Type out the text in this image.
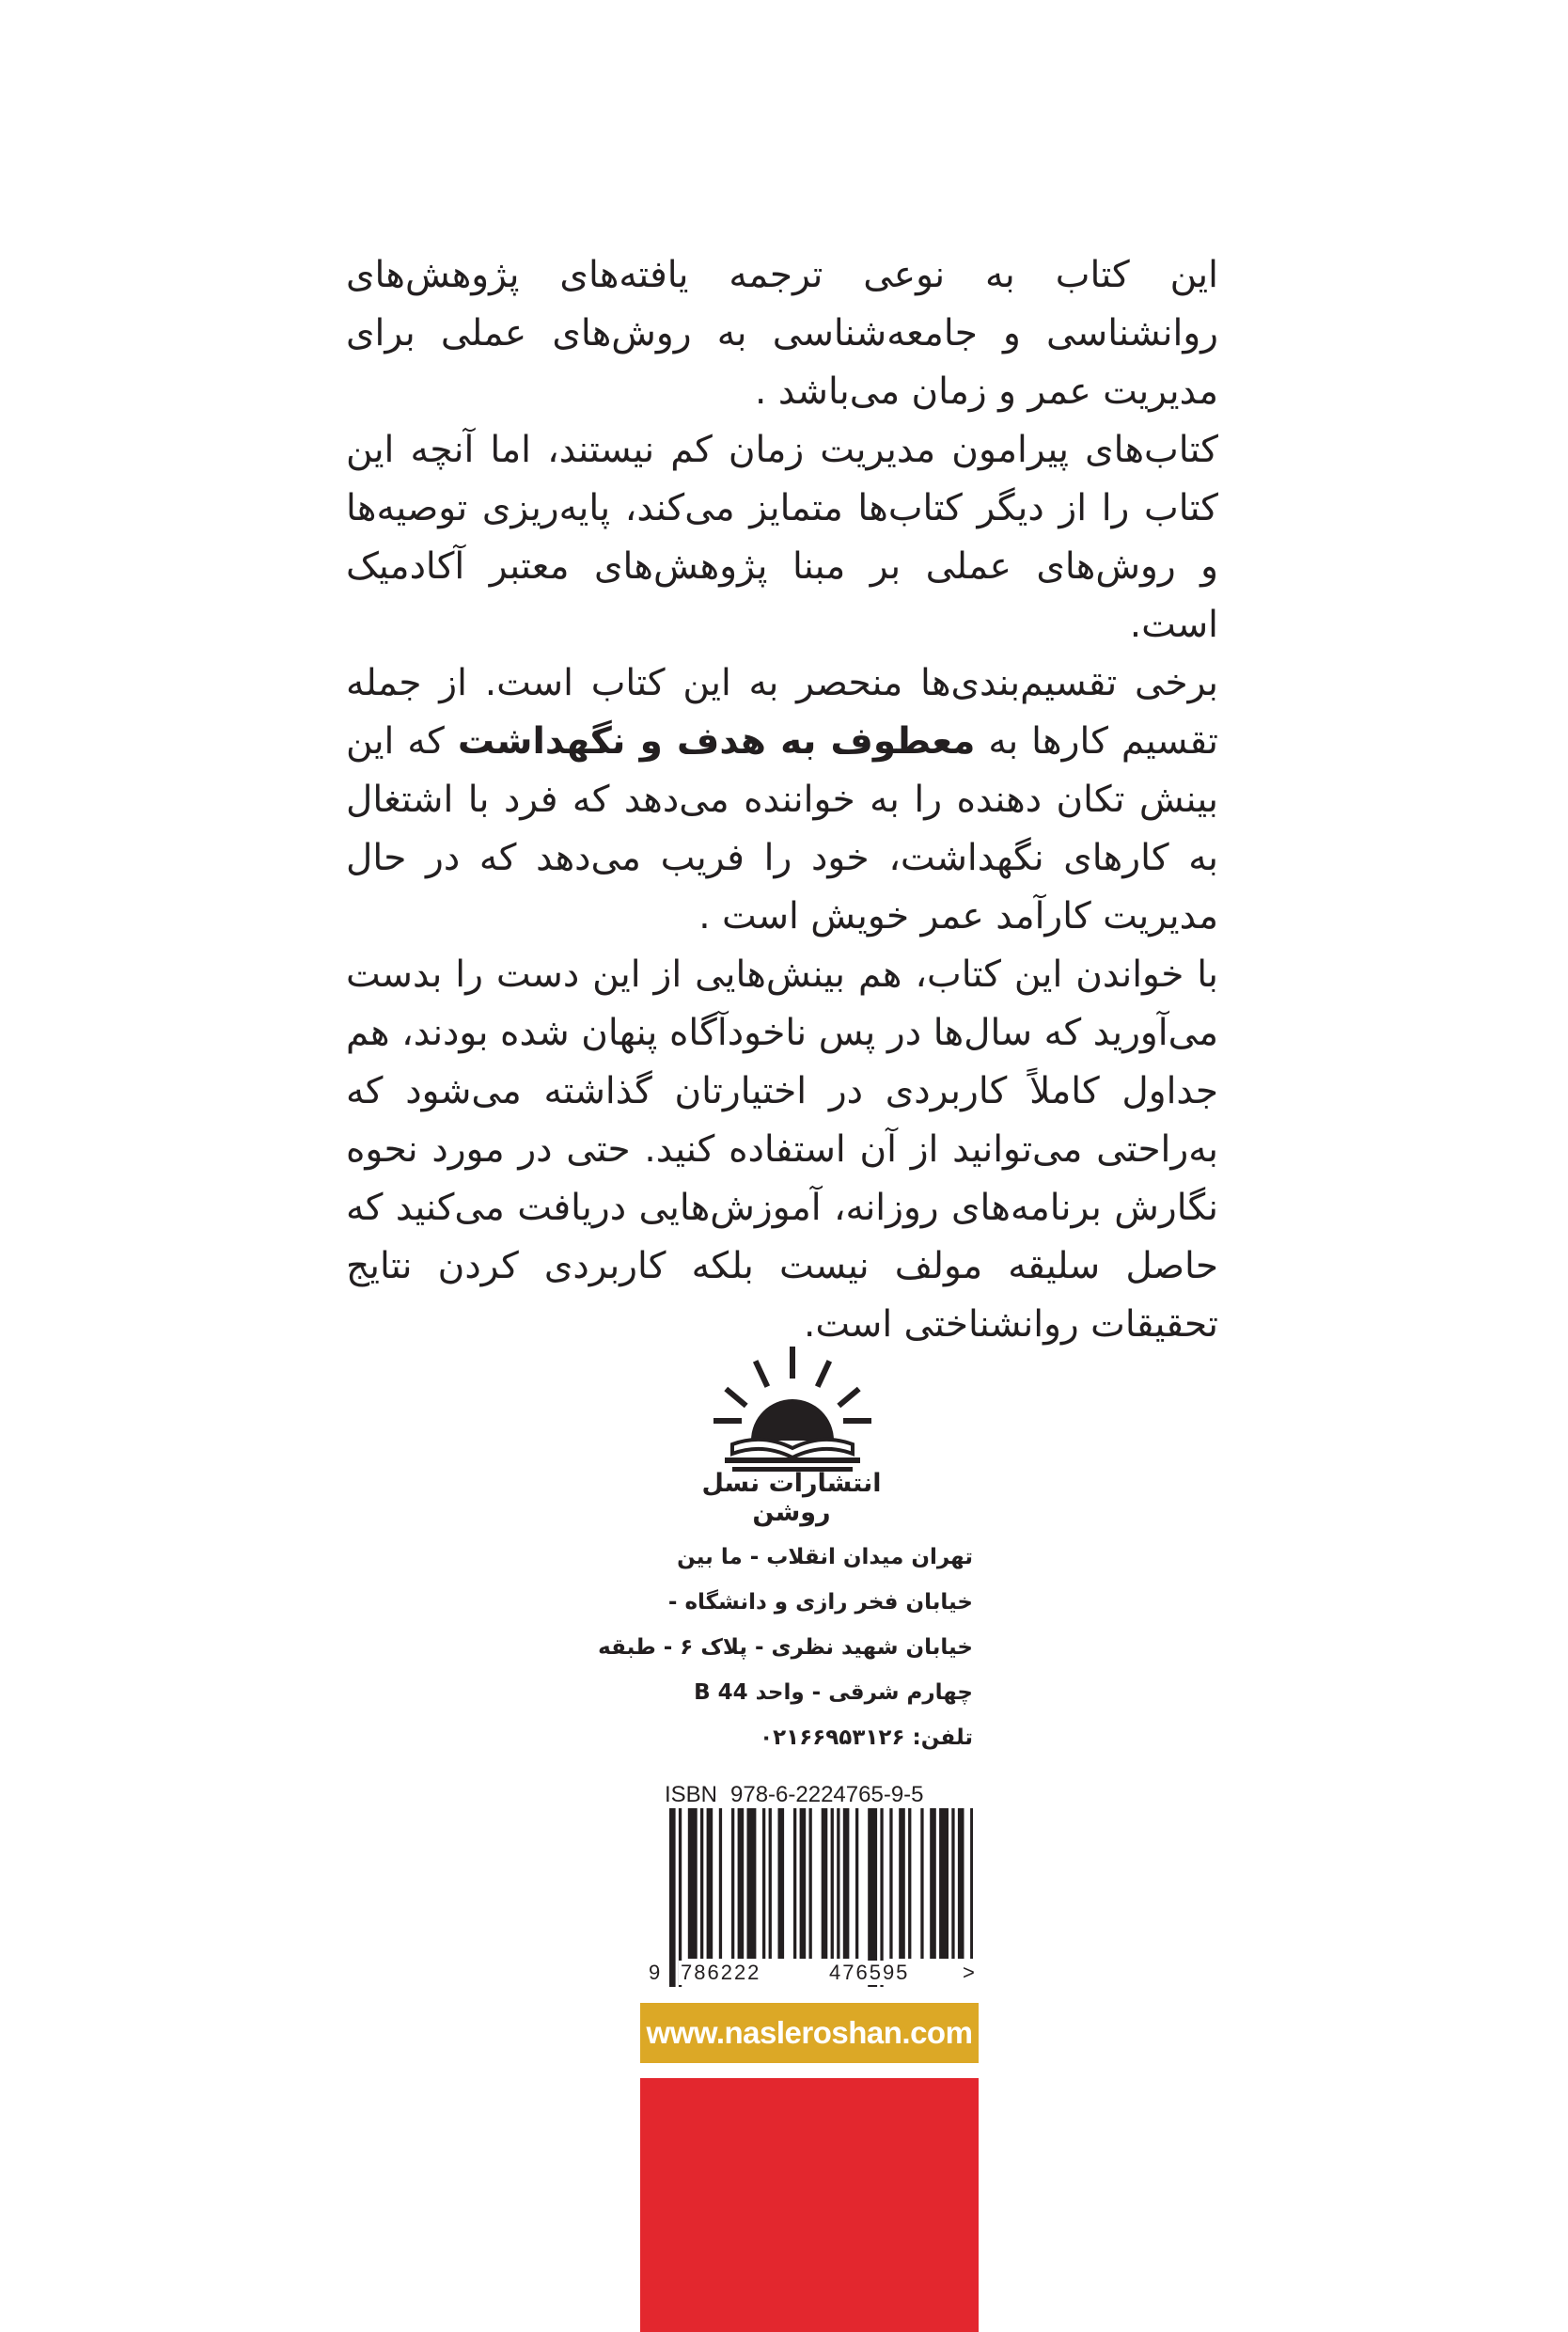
این کتاب به نوعی ترجمه یافته‌های پژوهش‌های روانشناسی و جامعه‌شناسی به روش‌های عملی برای مدیریت عمر و زمان می‌باشد .

کتاب‌های پیرامون مدیریت زمان کم نیستند، اما آنچه این کتاب را از دیگر کتاب‌ها متمایز می‌کند، پایه‌ریزی توصیه‌ها و روش‌های عملی بر مبنا پژوهش‌های معتبر آکادمیک است.

برخی تقسیم‌بندی‌ها منحصر به این کتاب است. از جمله تقسیم کارها به معطوف به هدف و نگهداشت که این بینش تکان دهنده را به خواننده می‌دهد که فرد با اشتغال به کارهای نگهداشت، خود را فریب می‌دهد که در حال مدیریت کارآمد عمر خویش است .

با خواندن این کتاب، هم بینش‌هایی از این دست را بدست می‌آورید که سال‌ها در پس ناخودآگاه پنهان شده بودند، هم جداول کاملاً کاربردی در اختیارتان گذاشته می‌شود که به‌راحتی می‌توانید از آن استفاده کنید. حتی در مورد نحوه نگارش برنامه‌های روزانه، آموزش‌هایی دریافت می‌کنید که حاصل سلیقه مولف نیست بلکه کاربردی کردن نتایج تحقیقات روانشناختی است.

انتشارات نسل روشن
تهران میدان انقلاب - ما بین
خیابان فخر رازی و دانشگاه -
خیابان شهید نظری - پلاک ۶ - طبقه
چهارم شرقی - واحد B 44
تلفن: ۰۲۱۶۶۹۵۳۱۲۶
ISBN 978-6-2224765-9-5
9 786222	476595	>
www.nasleroshan.com
